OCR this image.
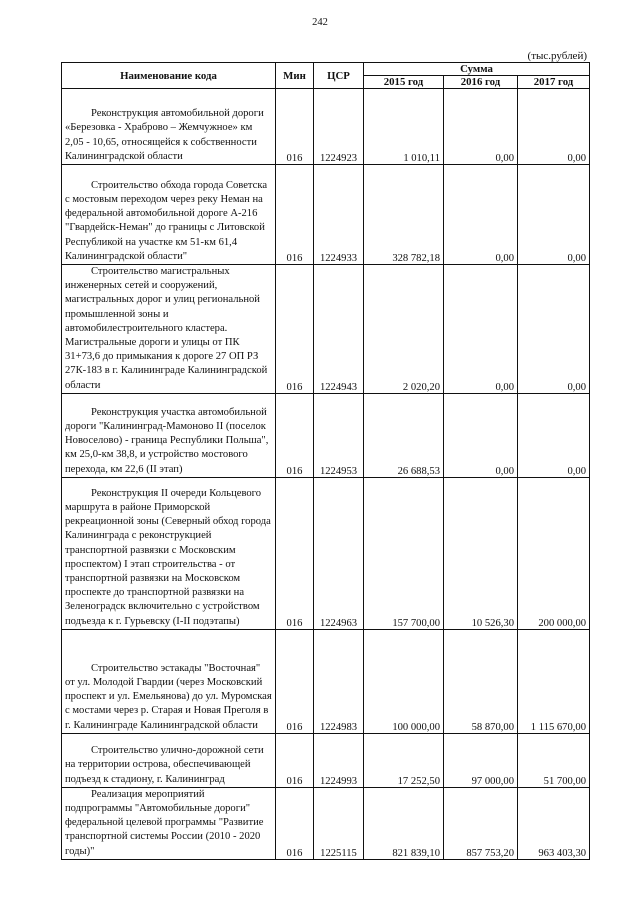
242
(тыс.рублей)
Наименование кода	Мин	ЦСР	Сумма		
			2015 год	2016 год	2017 год

Реконструкция автомобильной дороги «Березовка - Храброво – Жемчужное» км 2,05 - 10,65, относящейся к собственности Калининградской области	016	1224923	1 010,11	0,00	0,00

Строительство обхода города Советска с мостовым переходом через реку Неман на федеральной автомобильной дороге А-216 "Гвардейск-Неман" до границы с Литовской Республикой на участке км 51-км 61,4 Калининградской области"	016	1224933	328 782,18	0,00	0,00

Строительство магистральных инженерных сетей и сооружений, магистральных дорог и улиц региональной промышленной зоны и автомобилестроительного кластера. Магистральные дороги и улицы от ПК 31+73,6 до примыкания к дороге 27 ОП РЗ 27К-183 в г. Калининграде Калининградской области	016	1224943	2 020,20	0,00	0,00

Реконструкция участка автомобильной дороги "Калининград-Мамоново II (поселок Новоселово) - граница Республики Польша", км 25,0-км 38,8, и устройство мостового перехода, км 22,6 (II этап)	016	1224953	26 688,53	0,00	0,00

Реконструкция II очереди Кольцевого маршрута в районе Приморской рекреационной зоны (Северный обход города Калининграда с реконструкцией транспортной развязки с Московским проспектом) I этап строительства - от транспортной развязки на Московском проспекте до транспортной развязки на Зеленоградск включительно с устройством подъезда к г. Гурьевску (I-II подэтапы)	016	1224963	157 700,00	10 526,30	200 000,00

Строительство эстакады "Восточная" от ул. Молодой Гвардии (через Московский проспект и ул. Емельянова) до ул. Муромская с мостами через р. Старая и Новая Преголя в г. Калининграде Калининградской области	016	1224983	100 000,00	58 870,00	1 115 670,00

Строительство улично-дорожной сети на территории острова, обеспечивающей подъезд к стадиону, г. Калининград	016	1224993	17 252,50	97 000,00	51 700,00

Реализация мероприятий подпрограммы "Автомобильные дороги" федеральной целевой программы "Развитие транспортной системы России (2010 - 2020 годы)"	016	1225115	821 839,10	857 753,20	963 403,30
